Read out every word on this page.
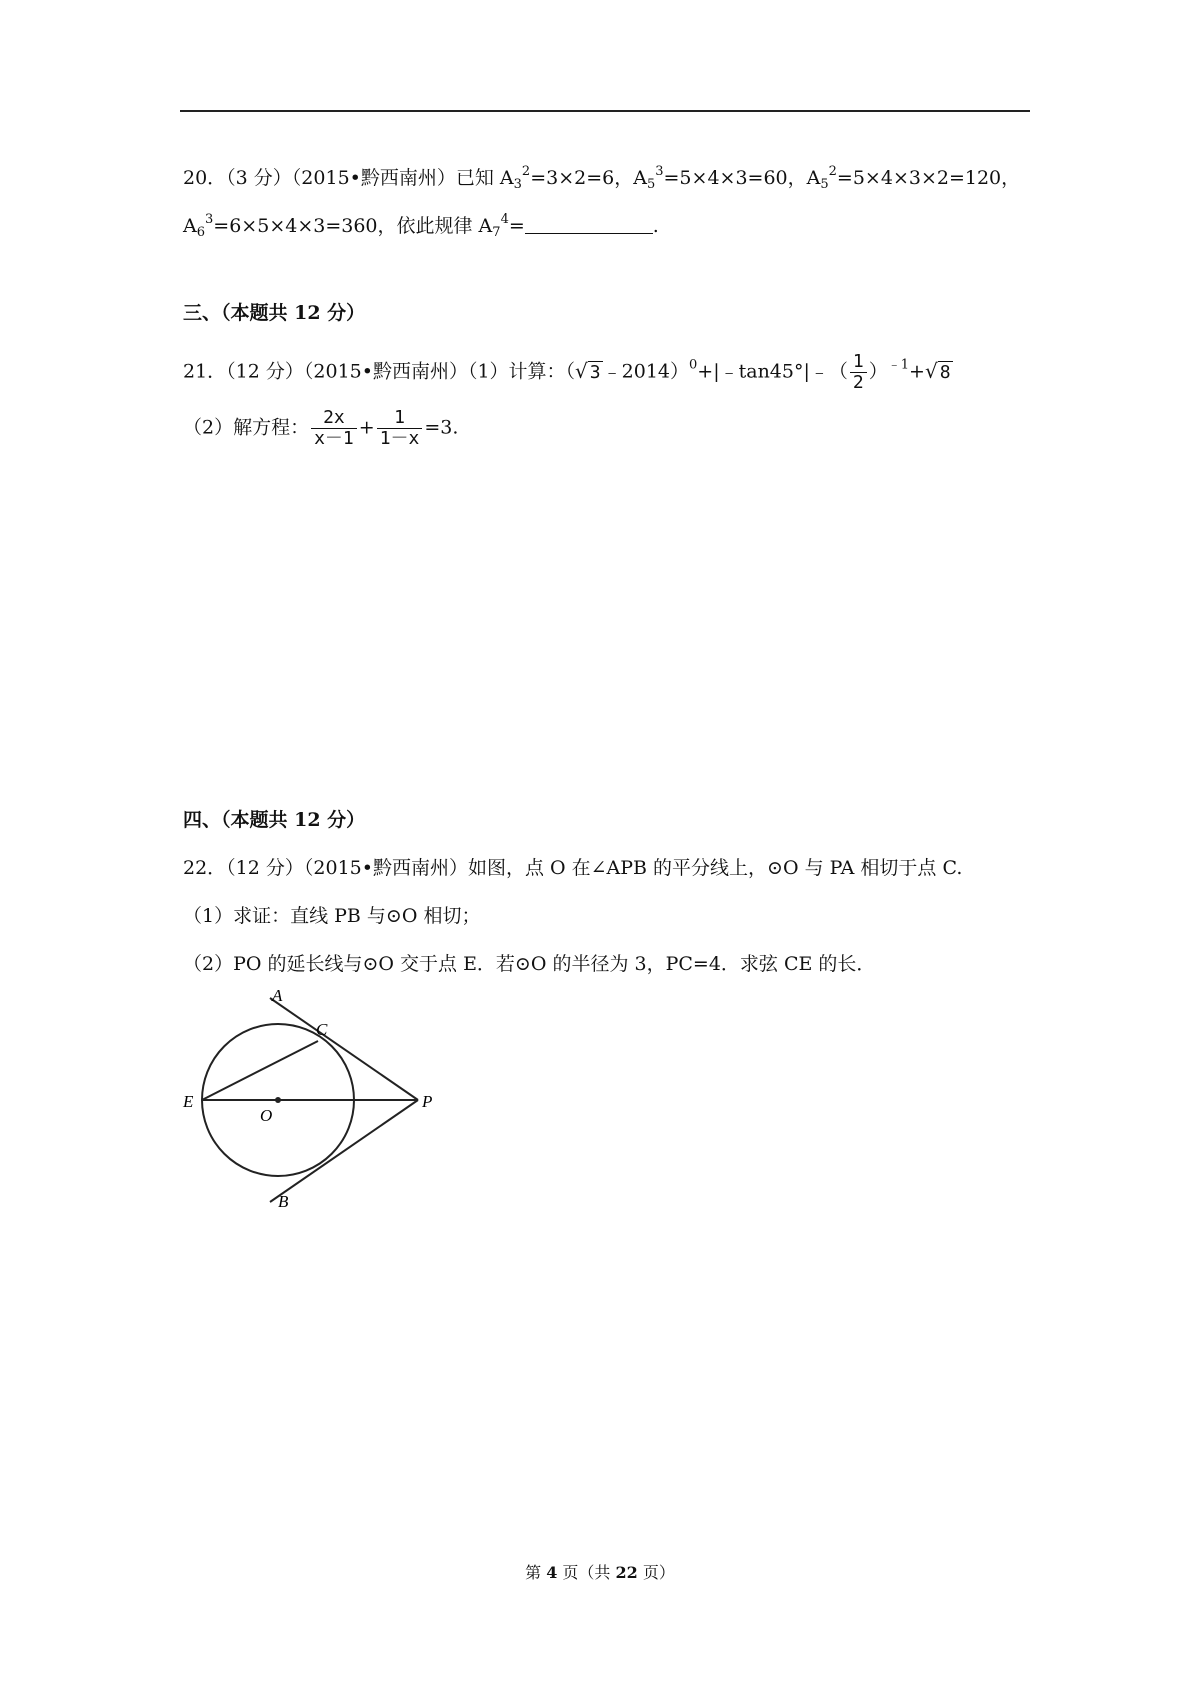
20．（3 分）（2015•黔西南州）已知 $A_3^2=3\times 2=6$，$A_5^3=5\times 4\times 3=60$，$A_5^2=5\times 4\times 3\times 2=120$，
$A_6^3=6\times 5\times 4\times 3=360$，依此规律 $A_7^4=$	.
三、（本题共 12 分）
21．（12 分）（2015•黔西南州）（1）计算：（√ 3 ﹣2014）$^0$+|﹣tan45°|﹣（ $\frac{1}{2} )^{﹣1}+√$ 8
（2）解方程： $\frac{2x}{x-1} + \frac{1}{1-x} =3$.
四、（本题共 12 分）
22．（12 分）（2015•黔西南州）如图，点 O 在∠APB 的平分线上，⊙O 与 PA 相切于点 C.
（1）求证：直线 PB 与⊙O 相切；
（2）PO 的延长线与⊙O 交于点 E．若⊙O 的半径为 3，PC=4．求弦 CE 的长．
A
C
E
O
P
B
第 4 页（共 22 页）
